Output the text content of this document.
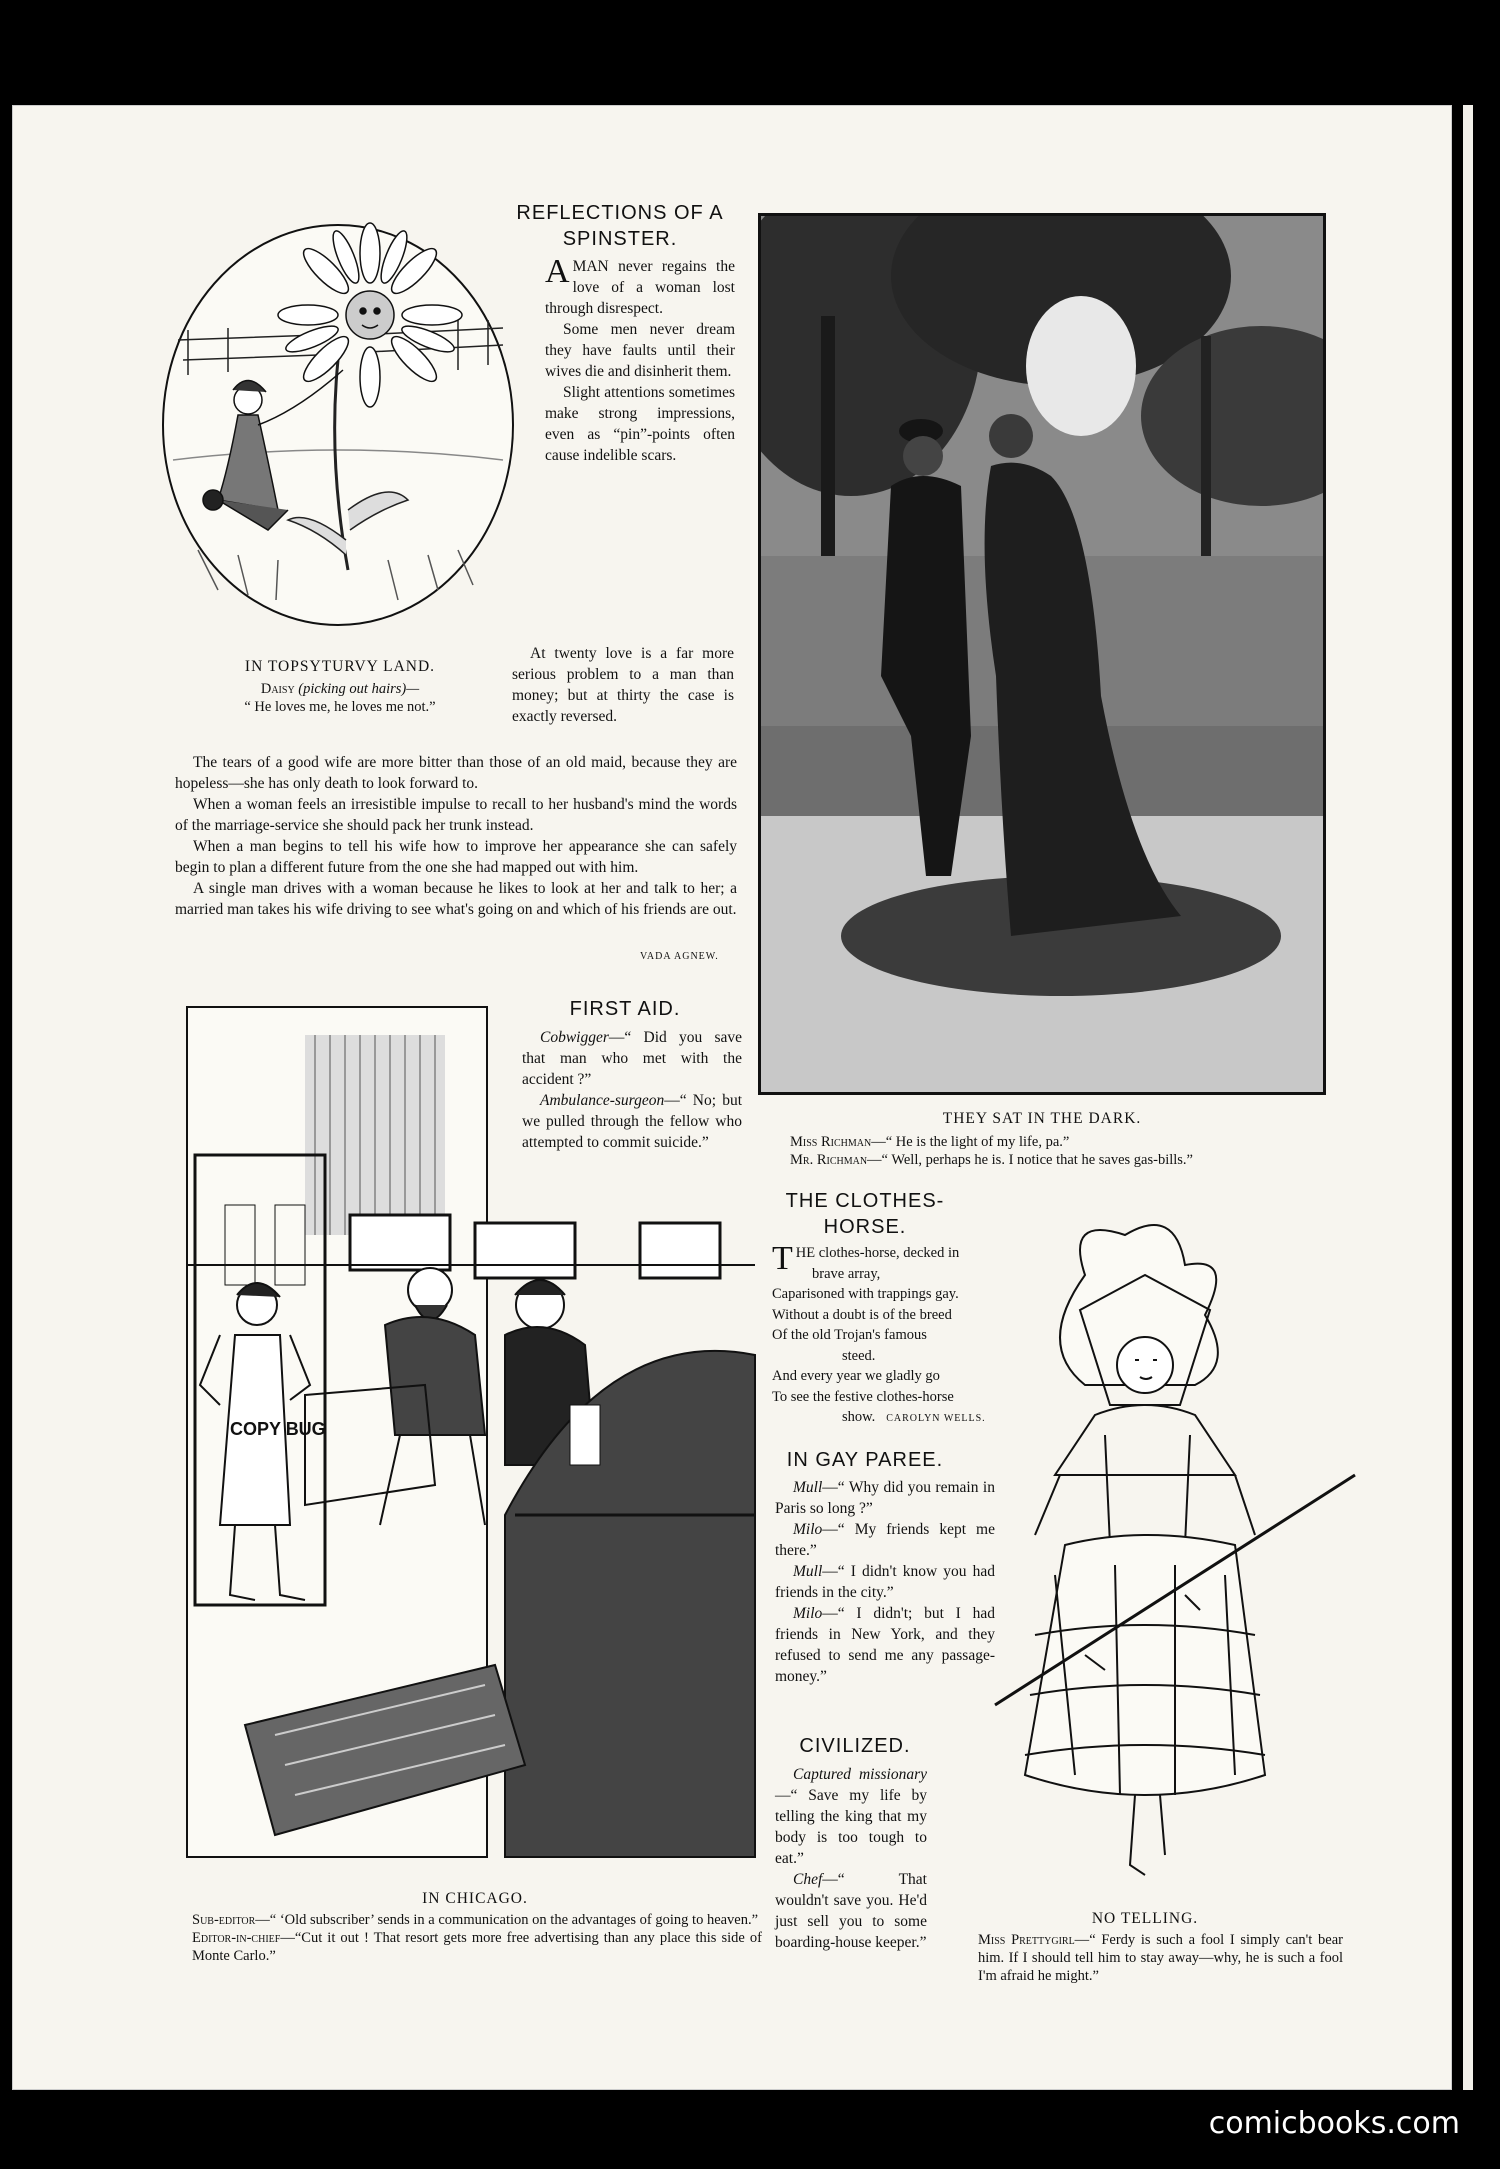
IN TOPSYTURVY LAND.
Daisy (picking out hairs)—
“ He loves me, he loves me not.”
REFLECTIONS OF A SPINSTER.

AMAN never regains the love of a woman lost through disrespect.

Some men never dream they have faults until their wives die and disinherit them.

Slight attentions sometimes make strong impressions, even as “pin”-points often cause indelible scars.

At twenty love is a far more serious problem to a man than money; but at thirty the case is exactly reversed.

The tears of a good wife are more bitter than those of an old maid, because they are hopeless—she has only death to look forward to.

When a woman feels an irresistible impulse to recall to her husband's mind the words of the marriage-service she should pack her trunk instead.

When a man begins to tell his wife how to improve her appearance she can safely begin to plan a different future from the one she had mapped out with him.

A single man drives with a woman because he likes to look at her and talk to her; a married man takes his wife driving to see what's going on and which of his friends are out.

VADA AGNEW.
THEY SAT IN THE DARK.
Miss Richman—“ He is the light of my life, pa.”
Mr. Richman—“ Well, perhaps he is. I notice that he saves gas-bills.”
FIRST AID.

Cobwigger—“ Did you save that man who met with the accident ?”

Ambulance-surgeon—“ No; but we pulled through the fellow who attempted to commit suicide.”

COPY BUG
IN CHICAGO.
Sub-editor—“ ‘Old subscriber’ sends in a communication on the advantages of going to heaven.”
Editor-in-chief—“Cut it out ! That resort gets more free advertising than any place this side of Monte Carlo.”
THE CLOTHES-HORSE.
T HE clothes-horse, decked in
brave array,
Caparisoned with trappings gay.
Without a doubt is of the breed
Of the old Trojan's famous
steed.
And every year we gladly go
To see the festive clothes-horse
show. CAROLYN WELLS.
IN GAY PAREE.

Mull—“ Why did you remain in Paris so long ?”

Milo—“ My friends kept me there.”

Mull—“ I didn't know you had friends in the city.”

Milo—“ I didn't; but I had friends in New York, and they refused to send me any passage-money.”

CIVILIZED.

Captured missionary—“ Save my life by telling the king that my body is too tough to eat.”

Chef—“ That wouldn't save you. He'd just sell you to some boarding-house keeper.”

NO TELLING.
Miss Prettygirl—“ Ferdy is such a fool I simply can't bear him. If I should tell him to stay away—why, he is such a fool I'm afraid he might.”
comicbooks.com
